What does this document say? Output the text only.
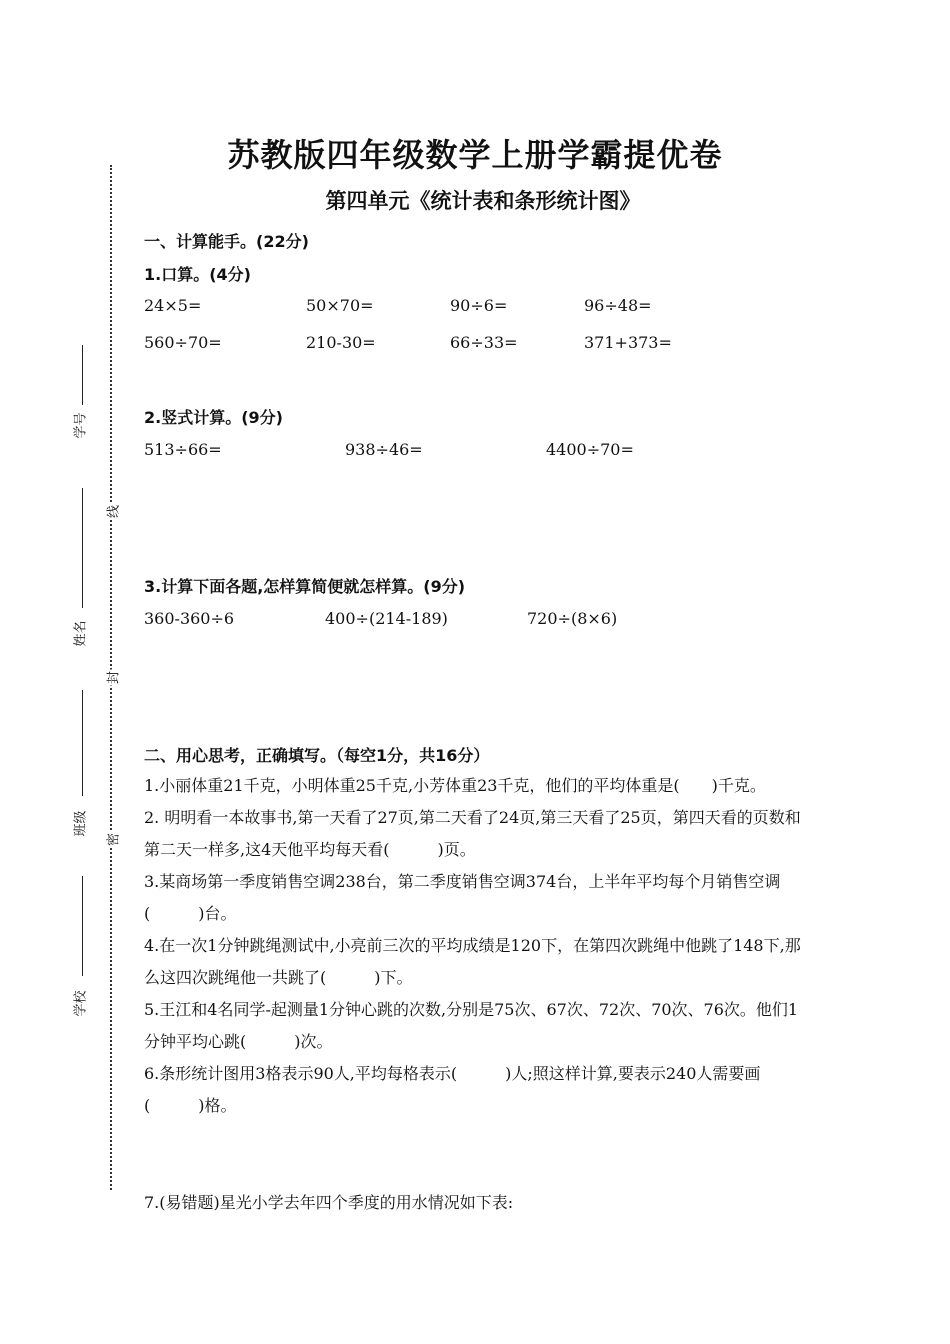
线
封
密
学号
姓名
班级
学校
苏教版四年级数学上册学霸提优卷
第四单元《统计表和条形统计图》
一、计算能手。(22分)
1.口算。(4分)
24×5=	50×70=	90÷6=	96÷48=
560÷70=	210-30=	66÷33=	371+373=
2.竖式计算。(9分)
513÷66=	938÷46=	4400÷70=
3.计算下面各题,怎样算简便就怎样算。(9分)
360-360÷6	400÷(214-189)	720÷(8×6)
二、用心思考，正确填写。（每空1分，共16分）

1.小丽体重21千克，小明体重25千克,小芳体重23千克，他们的平均体重是(　　)千克。

2. 明明看一本故事书,第一天看了27页,第二天看了24页,第三天看了25页，第四天看的页数和第二天一样多,这4天他平均每天看(　　　)页。

3.某商场第一季度销售空调238台，第二季度销售空调374台，上半年平均每个月销售空调(　　　)台。

4.在一次1分钟跳绳测试中,小亮前三次的平均成绩是120下，在第四次跳绳中他跳了148下,那么这四次跳绳他一共跳了(　　　)下。

5.王江和4名同学-起测量1分钟心跳的次数,分别是75次、67次、72次、70次、76次。他们1分钟平均心跳(　　　)次。

6.条形统计图用3格表示90人,平均每格表示(　　　)人;照这样计算,要表示240人需要画(　　　)格。

7.(易错题)星光小学去年四个季度的用水情况如下表:
